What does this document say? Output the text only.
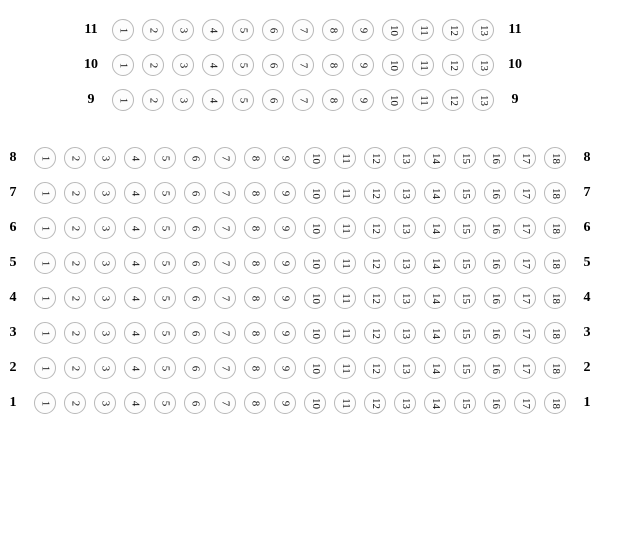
11	1 2 3 4 5 6 7 8 9 10 11 12 13	11
10	1 2 3 4 5 6 7 8 9 10 11 12 13	10
9	1 2 3 4 5 6 7 8 9 10 11 12 13	9
8	1 2 3 4 5 6 7 8 9 10 11 12 13 14 15 16 17 18	8
7	1 2 3 4 5 6 7 8 9 10 11 12 13 14 15 16 17 18	7
6	1 2 3 4 5 6 7 8 9 10 11 12 13 14 15 16 17 18	6
5	1 2 3 4 5 6 7 8 9 10 11 12 13 14 15 16 17 18	5
4	1 2 3 4 5 6 7 8 9 10 11 12 13 14 15 16 17 18	4
3	1 2 3 4 5 6 7 8 9 10 11 12 13 14 15 16 17 18	3
2	1 2 3 4 5 6 7 8 9 10 11 12 13 14 15 16 17 18	2
1	1 2 3 4 5 6 7 8 9 10 11 12 13 14 15 16 17 18	1
